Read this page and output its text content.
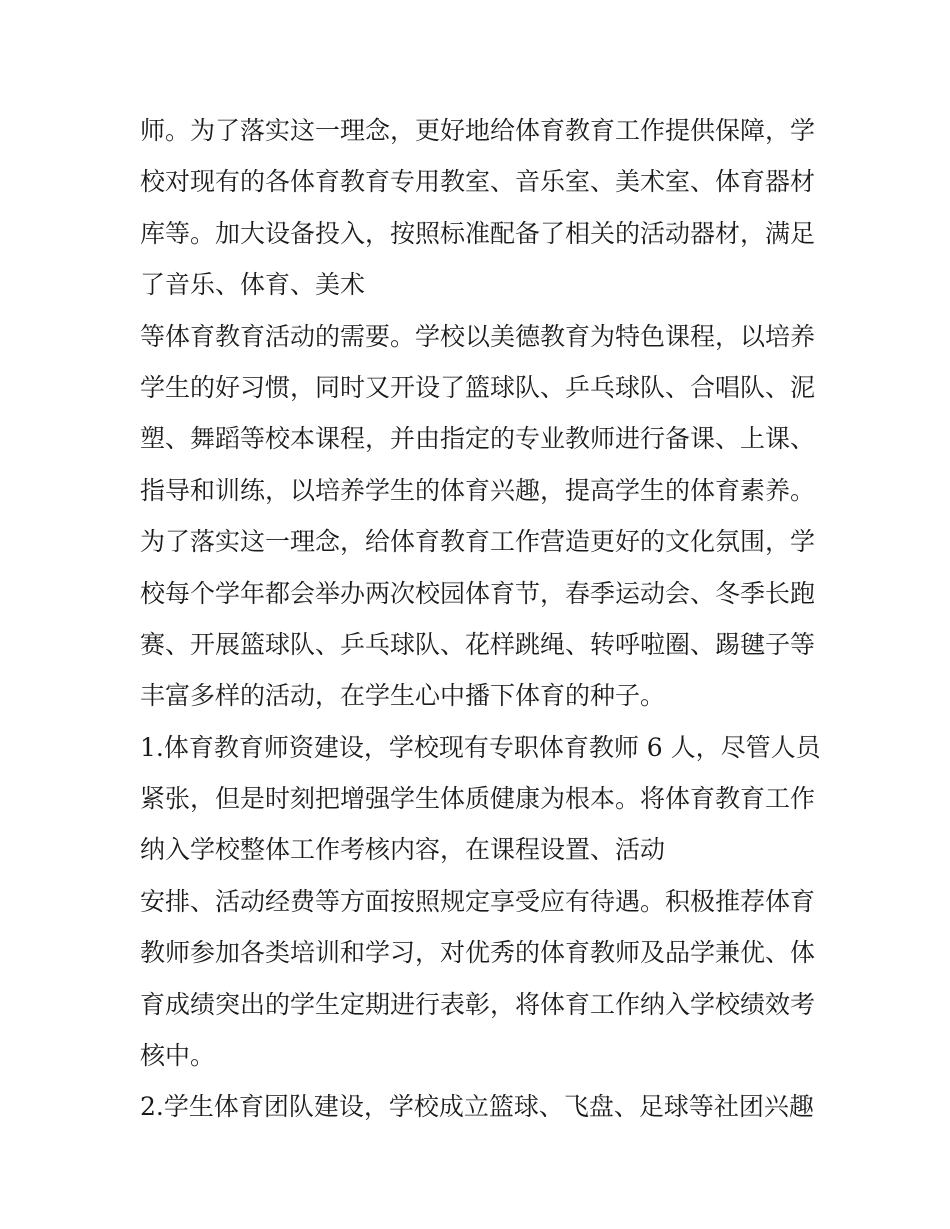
师。为了落实这一理念，更好地给体育教育工作提供保障，学
校对现有的各体育教育专用教室、音乐室、美术室、体育器材
库等。加大设备投入，按照标准配备了相关的活动器材，满足
了音乐、体育、美术
等体育教育活动的需要。学校以美德教育为特色课程，以培养
学生的好习惯，同时又开设了篮球队、乒乓球队、合唱队、泥
塑、舞蹈等校本课程，并由指定的专业教师进行备课、上课、
指导和训练，以培养学生的体育兴趣，提高学生的体育素养。
为了落实这一理念，给体育教育工作营造更好的文化氛围，学
校每个学年都会举办两次校园体育节，春季运动会、冬季长跑
赛、开展篮球队、乒乓球队、花样跳绳、转呼啦圈、踢毽子等
丰富多样的活动，在学生心中播下体育的种子。
1.体育教育师资建设，学校现有专职体育教师 6 人，尽管人员
紧张，但是时刻把增强学生体质健康为根本。将体育教育工作
纳入学校整体工作考核内容，在课程设置、活动
安排、活动经费等方面按照规定享受应有待遇。积极推荐体育
教师参加各类培训和学习，对优秀的体育教师及品学兼优、体
育成绩突出的学生定期进行表彰，将体育工作纳入学校绩效考
核中。
2.学生体育团队建设，学校成立篮球、飞盘、足球等社团兴趣
